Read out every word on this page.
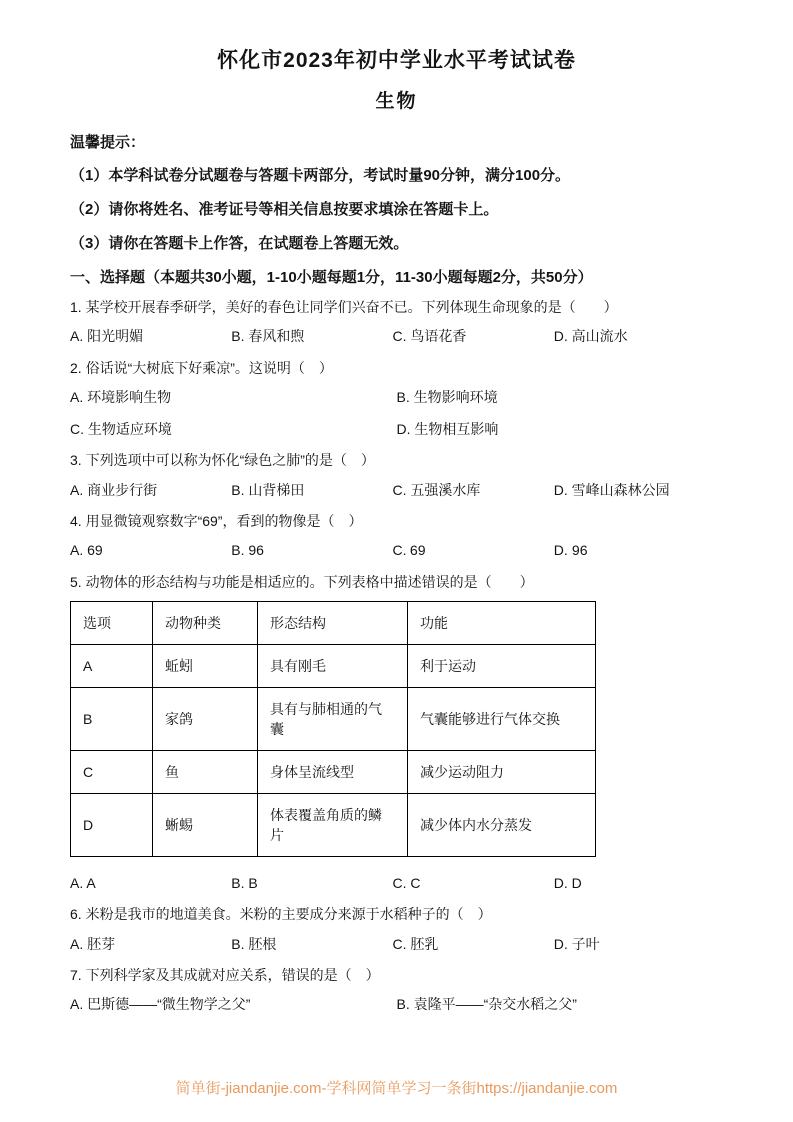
怀化市2023年初中学业水平考试试卷
生物

温馨提示：

（1）本学科试卷分试题卷与答题卡两部分，考试时量90分钟，满分100分。

（2）请你将姓名、准考证号等相关信息按要求填涂在答题卡上。

（3）请你在答题卡上作答，在试题卷上答题无效。

一、选择题（本题共30小题，1-10小题每题1分，11-30小题每题2分，共50分）

1. 某学校开展春季研学，美好的春色让同学们兴奋不已。下列体现生命现象的是（　　）

A. 阳光明媚	B. 春风和煦	C. 鸟语花香	D. 高山流水

2. 俗话说“大树底下好乘凉”。这说明（　）

A. 环境影响生物	B. 生物影响环境
C. 生物适应环境	D. 生物相互影响

3. 下列选项中可以称为怀化“绿色之肺”的是（　）

A. 商业步行街	B. 山背梯田	C. 五强溪水库	D. 雪峰山森林公园

4. 用显微镜观察数字“69”，看到的物像是（　）

A. 69	B. 96	C. 69	D. 96

5. 动物体的形态结构与功能是相适应的。下列表格中描述错误的是（　　）

选项	动物种类	形态结构	功能
A	蚯蚓	具有刚毛	利于运动
B	家鸽	具有与肺相通的气囊	气囊能够进行气体交换
C	鱼	身体呈流线型	减少运动阻力
D	蜥蜴	体表覆盖角质的鳞片	减少体内水分蒸发
A. A	B. B	C. C	D. D

6. 米粉是我市的地道美食。米粉的主要成分来源于水稻种子的（　）

A. 胚芽	B. 胚根	C. 胚乳	D. 子叶

7. 下列科学家及其成就对应关系，错误的是（　）

A. 巴斯德——“微生物学之父”	B. 袁隆平——“杂交水稻之父”
简单街-jiandanjie.com-学科网简单学习一条街https://jiandanjie.com
